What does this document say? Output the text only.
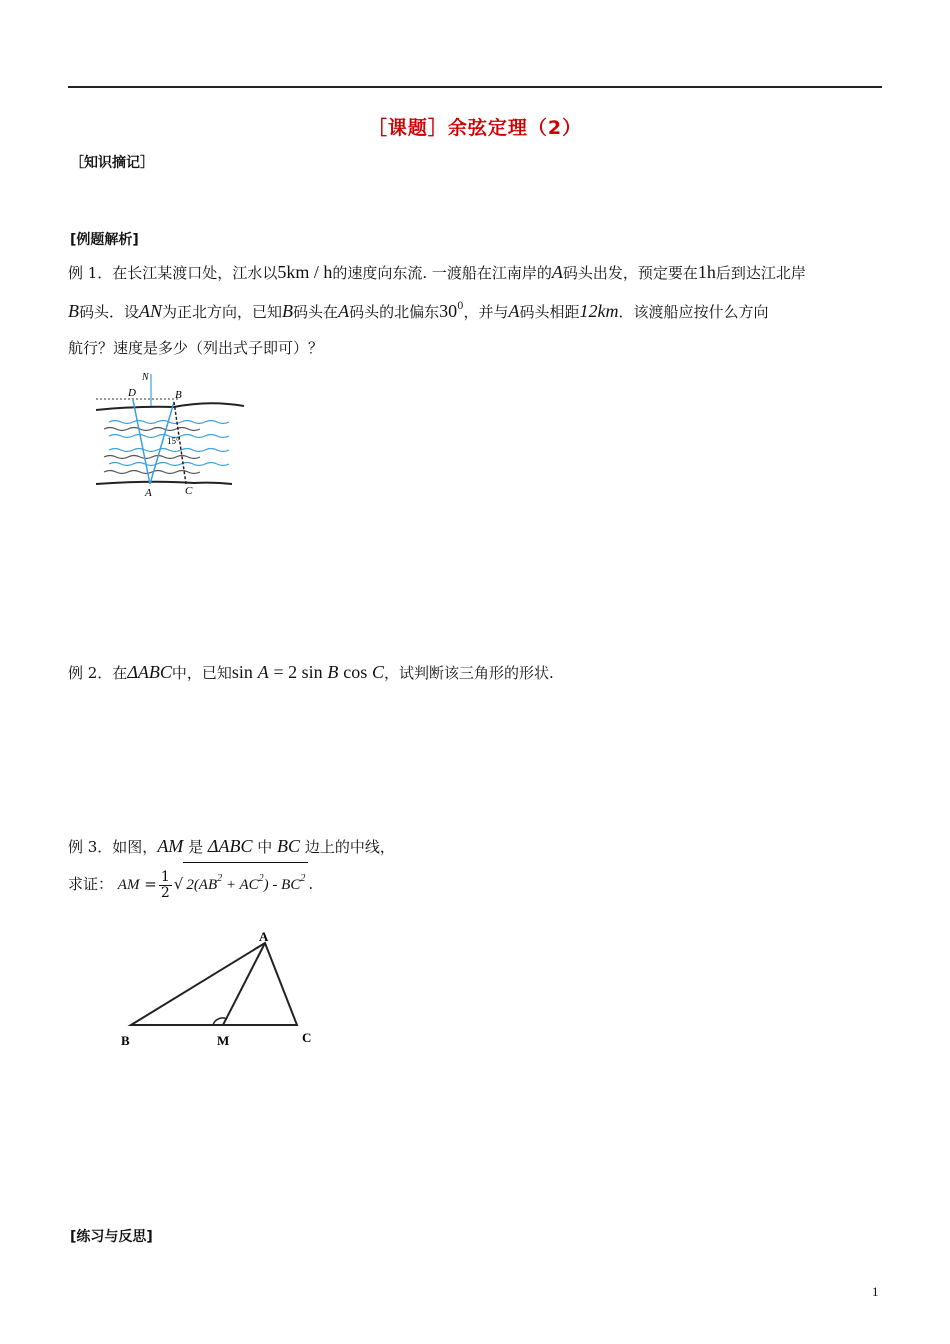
［课题］余弦定理（2）
［知识摘记］
[例题解析]
例 1．在长江某渡口处，江水以5km / h的速度向东流. 一渡船在江南岸的A码头出发，预定要在1h后到达江北岸
B码头．设AN为正北方向，已知B码头在A码头的北偏东$30^0$，并与A码头相距12km．该渡船应按什么方向
航行？速度是多少（列出式子即可）？
N
D	B
15°
A	C
例 2．在ΔABC中，已知sin A = 2 sin B cos C，试判断该三角形的形状.
例 3．如图，AM 是 ΔABC 中 BC 边上的中线，
求证： AM = $\frac{1}{2}$ √ $2(AB^2 + AC^2) - BC^2$ .
A
B	M	C
[练习与反思]
1
